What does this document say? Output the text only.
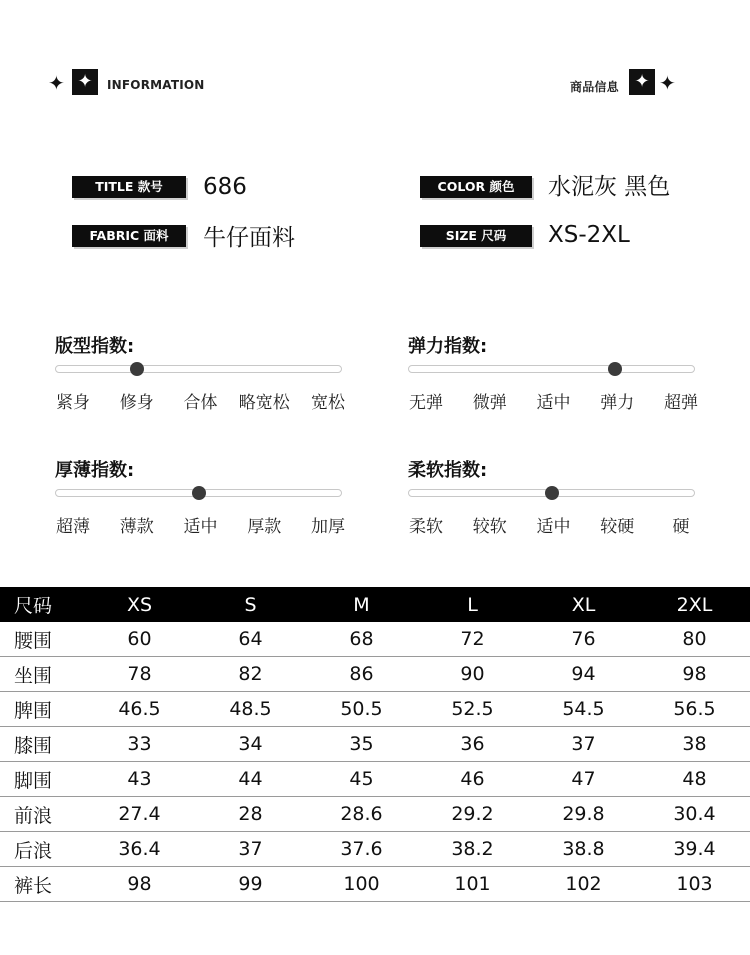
✦ ✦	INFORMATION	商品信息 ✦ ✦
TITLE 款号	686
FABRIC 面料	牛仔面料
COLOR 颜色	水泥灰 黑色
SIZE 尺码	XS-2XL
尺码	XS	S	M	L	XL	2XL
腰围	60	64	68	72	76	80
坐围	78	82	86	90	94	98
脾围	46.5	48.5	50.5	52.5	54.5	56.5
膝围	33	34	35	36	37	38
脚围	43	44	45	46	47	48
前浪	27.4	28	28.6	29.2	29.8	30.4
后浪	36.4	37	37.6	38.2	38.8	39.4
裤长	98	99	100	101	102	103
版型指数:
紧身 修身 合体 略宽松 宽松
弹力指数:
无弹 微弹 适中 弹力 超弹
厚薄指数:
超薄 薄款 适中 厚款 加厚
柔软指数:
柔软 较软 适中 较硬 硬
